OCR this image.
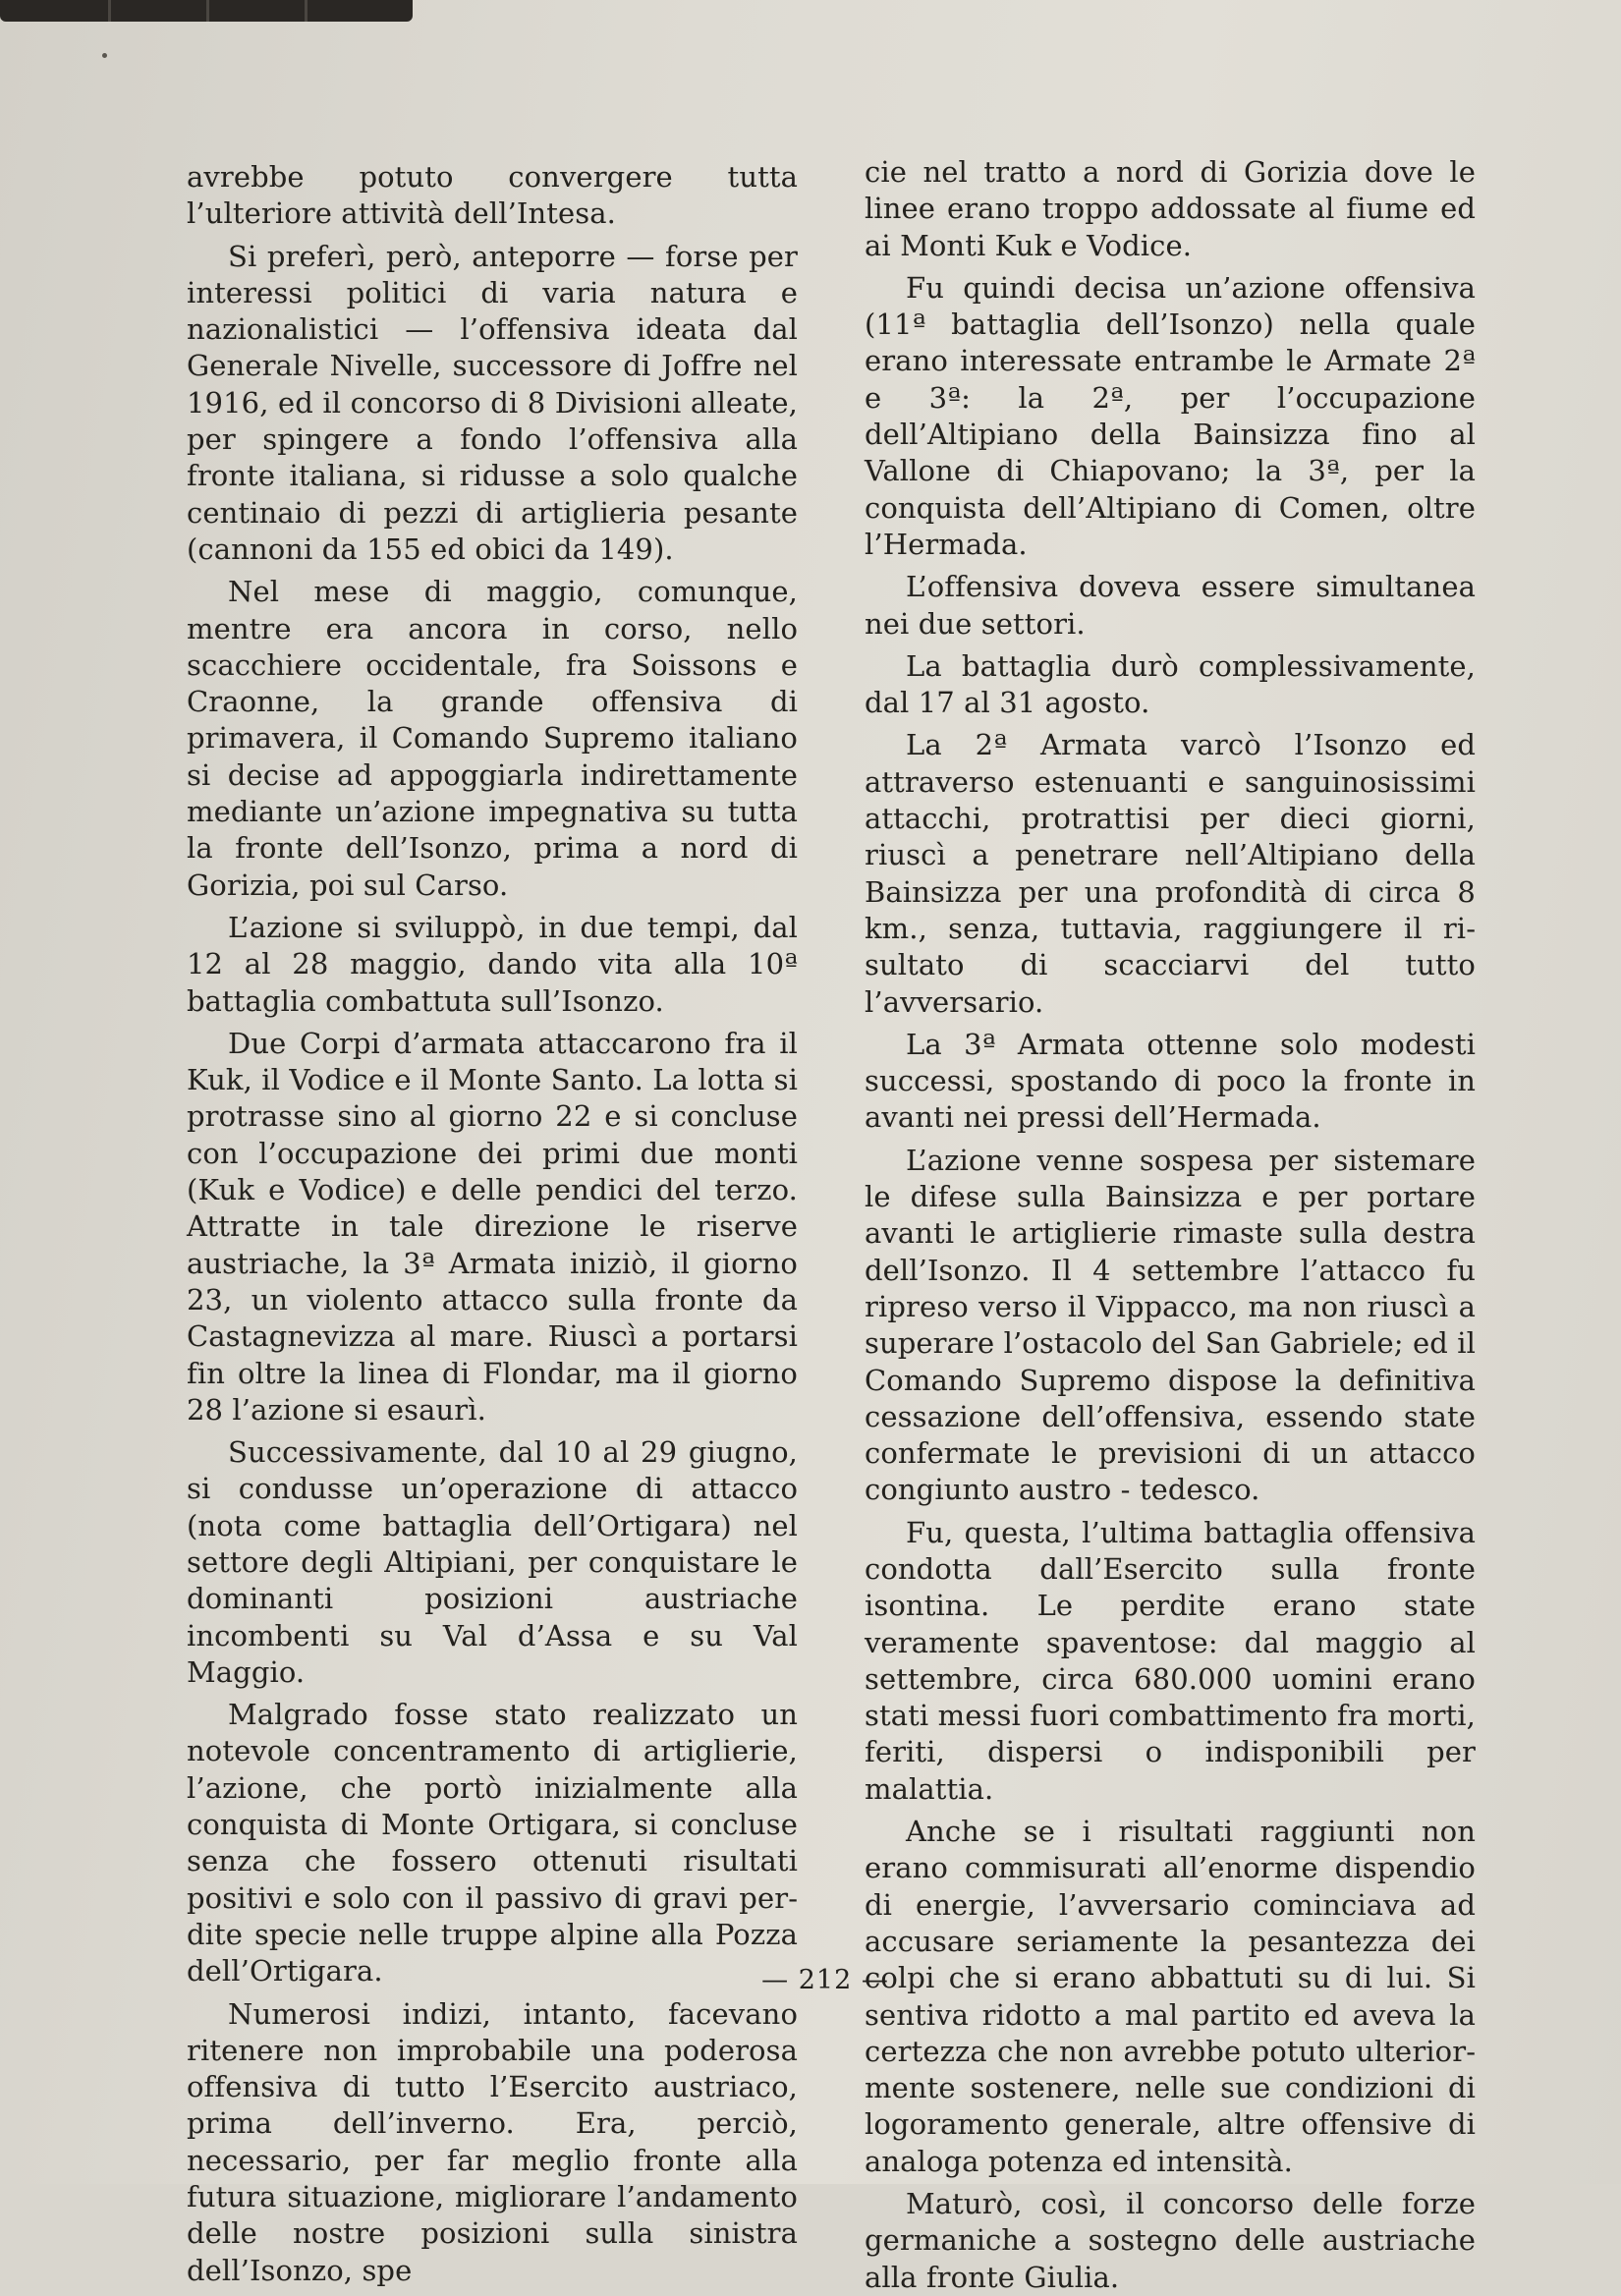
avrebbe potuto convergere tutta l’ulteriore attività dell’Intesa.

Si preferì, però, anteporre — forse per interessi politici di varia natura e nazionalistici — l’offensiva ideata dal Generale Nivelle, successore di Joffre nel 1916, ed il concorso di 8 Divisioni alleate, per spingere a fondo l’offensiva alla fronte italiana, si ridusse a solo qualche centinaio di pezzi di artiglieria pesante (cannoni da 155 ed obici da 149).

Nel mese di maggio, comunque, mentre era ancora in corso, nello scacchiere occidentale, fra Soissons e Craonne, la grande offensiva di primavera, il Comando Supremo italiano si decise ad appoggiarla indirettamente mediante un’azione impegnativa su tutta la fronte dell’Isonzo, prima a nord di Gorizia, poi sul Carso.

L’azione si sviluppò, in due tempi, dal 12 al 28 maggio, dando vita alla 10ª battaglia combattuta sull’Isonzo.

Due Corpi d’armata attaccarono fra il Kuk, il Vodice e il Monte Santo. La lotta si protrasse sino al giorno 22 e si concluse con l’occupazione dei primi due monti (Kuk e Vodice) e delle pendici del terzo. Attratte in tale direzione le riserve austriache, la 3ª Armata iniziò, il giorno 23, un violento attacco sulla fronte da Castagnevizza al mare. Riuscì a portarsi fin oltre la linea di Flondar, ma il giorno 28 l’azione si esaurì.

Successivamente, dal 10 al 29 giugno, si condusse un’operazione di attacco (nota come battaglia dell’Ortigara) nel settore degli Altipiani, per conquistare le dominanti posizioni austriache incombenti su Val d’Assa e su Val Maggio.

Malgrado fosse stato realizzato un notevole concentramento di artiglierie, l’azione, che portò inizialmente alla conquista di Monte Ortigara, si concluse senza che fossero ottenuti risultati positivi e solo con il passivo di gravi perdite specie nelle truppe alpine alla Pozza dell’Ortigara.

Numerosi indizi, intanto, facevano ritenere non improbabile una poderosa offensiva di tutto l’Esercito austriaco, prima dell’inverno. Era, perciò, necessario, per far meglio fronte alla futura situazione, migliorare l’andamento delle nostre posizioni sulla sinistra dell’Isonzo, spe

cie nel tratto a nord di Gorizia dove le linee erano troppo addossate al fiume ed ai Monti Kuk e Vodice.

Fu quindi decisa un’azione offensiva (11ª battaglia dell’Isonzo) nella quale erano interessate entrambe le Armate 2ª e 3ª: la 2ª, per l’occupazione dell’Altipiano della Bainsizza fino al Vallone di Chiapovano; la 3ª, per la conquista dell’Altipiano di Comen, oltre l’Hermada.

L’offensiva doveva essere simultanea nei due settori.

La battaglia durò complessivamente, dal 17 al 31 agosto.

La 2ª Armata varcò l’Isonzo ed attraverso estenuanti e sanguinosissimi attacchi, protrattisi per dieci giorni, riuscì a penetrare nell’Altipiano della Bainsizza per una profondità di circa 8 km., senza, tuttavia, raggiungere il risultato di scacciarvi del tutto l’avversario.

La 3ª Armata ottenne solo modesti successi, spostando di poco la fronte in avanti nei pressi dell’Hermada.

L’azione venne sospesa per sistemare le difese sulla Bainsizza e per portare avanti le artiglierie rimaste sulla destra dell’Isonzo. Il 4 settembre l’attacco fu ripreso verso il Vippacco, ma non riuscì a superare l’ostacolo del San Gabriele; ed il Comando Supremo dispose la definitiva cessazione dell’offensiva, essendo state confermate le previsioni di un attacco congiunto austro - tedesco.

Fu, questa, l’ultima battaglia offensiva condotta dall’Esercito sulla fronte isontina. Le perdite erano state veramente spaventose: dal maggio al settembre, circa 680.000 uomini erano stati messi fuori combattimento fra morti, feriti, dispersi o indisponibili per malattia.

Anche se i risultati raggiunti non erano commisurati all’enorme dispendio di energie, l’avversario cominciava ad accusare seriamente la pesantezza dei colpi che si erano abbattuti su di lui. Si sentiva ridotto a mal partito ed aveva la certezza che non avrebbe potuto ulteriormente sostenere, nelle sue condizioni di logoramento generale, altre offensive di analoga potenza ed intensità.

Maturò, così, il concorso delle forze germaniche a sostegno delle austriache alla fronte Giulia.

— 212 —
